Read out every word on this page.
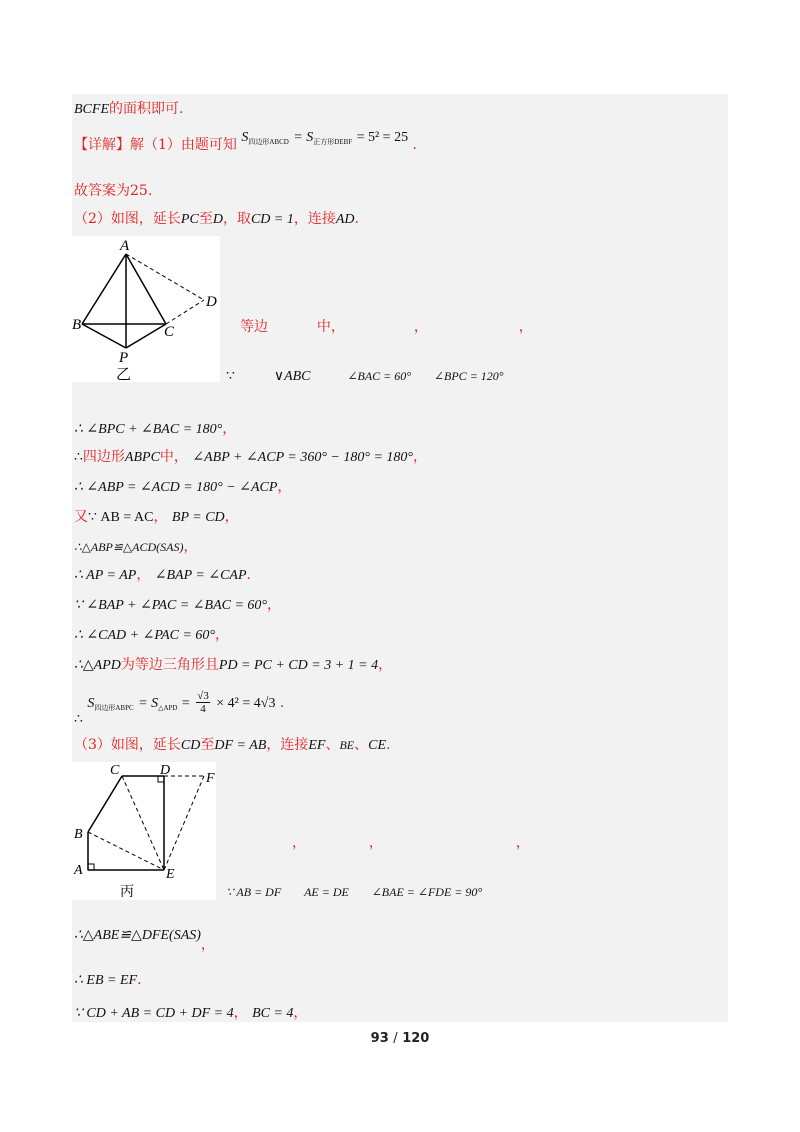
BCFE的面积即可.
【详解】解（1）由题可知 $S_{四边形ABCD} = S_{正方形DEBF} = 5^2 = 25$ .
故答案为25.
（2）如图，延长PC至D，取CD = 1，连接AD.
A
B	C
D
P
乙
等边	中，	，	，
∵	∨ABC	∠BAC = 60° ∠BPC = 120°
∴ ∠BPC + ∠BAC = 180°，
∴四边形ABPC中， ∠ABP + ∠ACP = 360° − 180° = 180°，
∴ ∠ABP = ∠ACD = 180° − ∠ACP，
又∵ AB = AC， BP = CD，
∴△ABP≌△ACD(SAS)，
∴ AP = AP， ∠BAP = ∠CAP.
∵ ∠BAP + ∠PAC = ∠BAC = 60°，
∴ ∠CAD + ∠PAC = 60°，
∴△APD为等边三角形且PD = PC + CD = 3 + 1 = 4，
∴ $S_{四边形ABPC} = S_{\triangle APD} = \frac{√3}{4} \times 4^2 = 4√3$ .
（3）如图，延长CD至DF = AB，连接EF、BE、CE.
C	D
F
B
A	E
丙
，	，	，
∵ AB = DF AE = DE ∠BAE = ∠FDE = 90°
∴△ABE≌△DFE(SAS)，
∴ EB = EF.
∵ CD + AB = CD + DF = 4， BC = 4，
93 / 120
